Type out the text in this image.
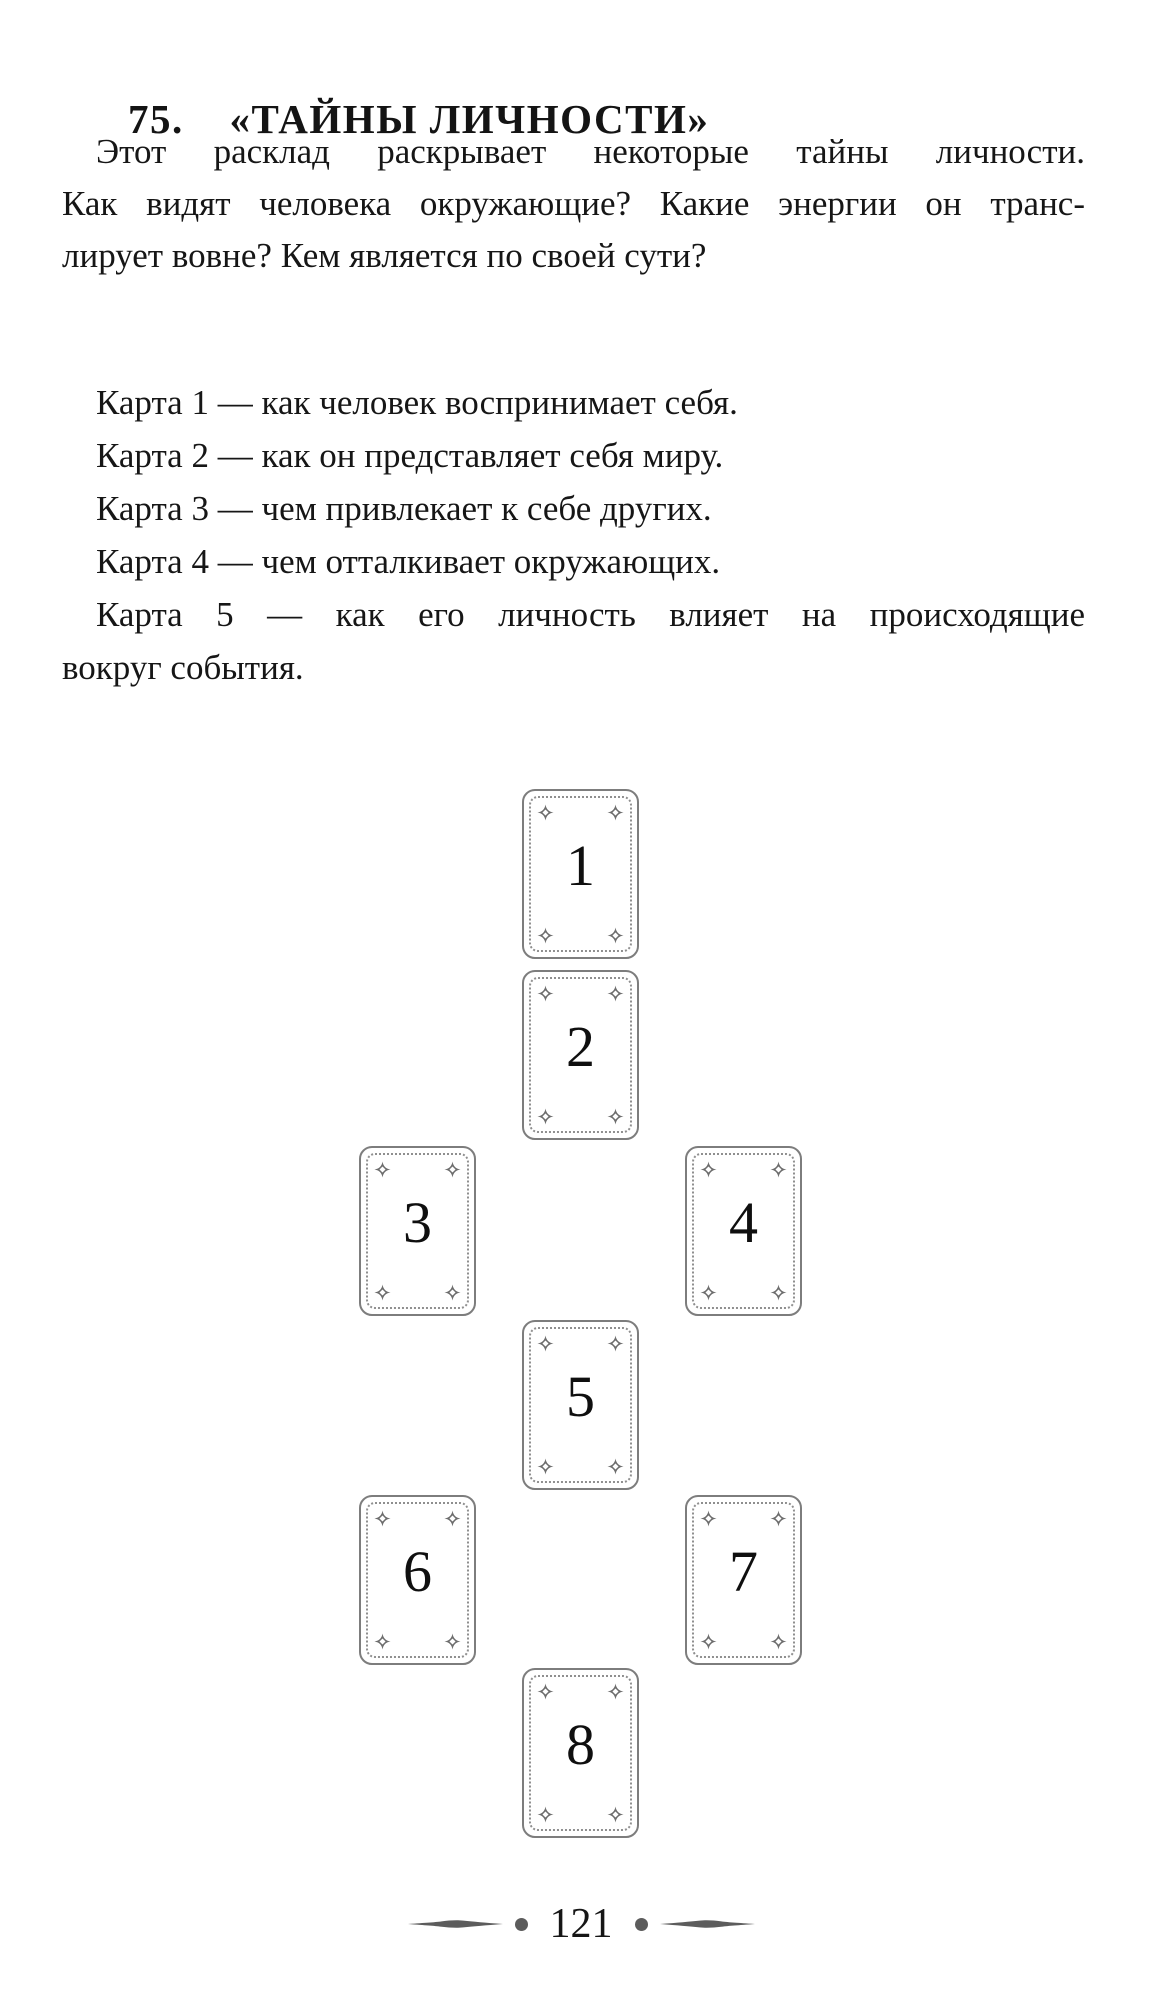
75. «ТАЙНЫ ЛИЧНОСТИ»
Этот расклад раскрывает некоторые тайны личности.
Как видят человека окружающие? Какие энергии он транс-
лирует вовне? Кем является по своей сути?
Карта 1 — как человек воспринимает себя.
Карта 2 — как он представляет себя миру.
Карта 3 — чем привлекает к себе других.
Карта 4 — чем отталкивает окружающих.
Карта 5 — как его личность влияет на происходящие
вокруг события.
1
2
3	4
5
6	7
8
121
